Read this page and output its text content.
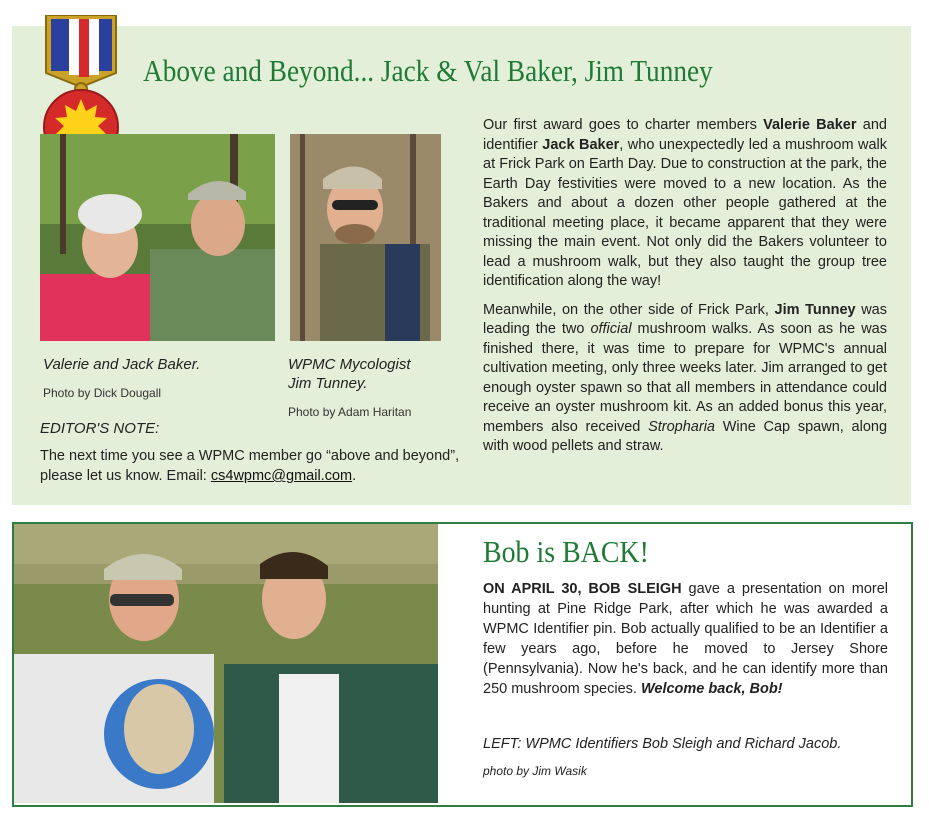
Above and Beyond... Jack & Val Baker, Jim Tunney
Valerie and Jack Baker.
Photo by Dick Dougall
WPMC Mycologist
Jim Tunney.
Photo by Adam Haritan
EDITOR'S NOTE:
The next time you see a WPMC member go “above and beyond”, please let us know. Email: cs4wpmc@gmail.com.

Our first award goes to charter members Valerie Baker and identifier Jack Baker, who unexpectedly led a mushroom walk at Frick Park on Earth Day. Due to construction at the park, the Earth Day festivities were moved to a new location. As the Bakers and about a dozen other people gathered at the traditional meeting place, it became apparent that they were missing the main event. Not only did the Bakers volunteer to lead a mushroom walk, but they also taught the group tree identification along the way!

Meanwhile, on the other side of Frick Park, Jim Tunney was leading the two official mushroom walks. As soon as he was finished there, it was time to prepare for WPMC's annual cultivation meeting, only three weeks later. Jim arranged to get enough oyster spawn so that all members in attendance could receive an oyster mushroom kit. As an added bonus this year, members also received Stropharia Wine Cap spawn, along with wood pellets and straw.

Bob is BACK!
ON APRIL 30, BOB SLEIGH gave a presentation on morel hunting at Pine Ridge Park, after which he was awarded a WPMC Identifier pin. Bob actually qualified to be an Identifier a few years ago, before he moved to Jersey Shore (Pennsylvania). Now he's back, and he can identify more than 250 mushroom species. Welcome back, Bob!
LEFT: WPMC Identifiers Bob Sleigh and Richard Jacob.
photo by Jim Wasik
